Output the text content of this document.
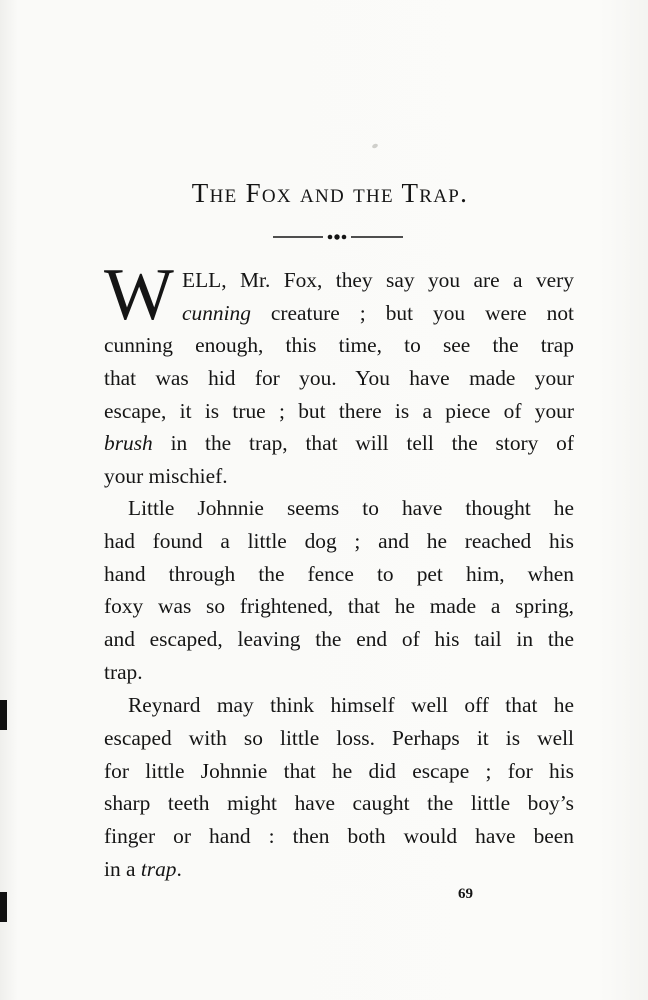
The Fox and the Trap.
W ELL, Mr. Fox, they say you are a very
cunning creature ; but you were not
cunning enough, this time, to see the trap
that was hid for you. You have made your
escape, it is true ; but there is a piece of your
brush in the trap, that will tell the story of
your mischief.
Little Johnnie seems to have thought he
had found a little dog ; and he reached his
hand through the fence to pet him, when
foxy was so frightened, that he made a spring,
and escaped, leaving the end of his tail in the
trap.
Reynard may think himself well off that he
escaped with so little loss. Perhaps it is well
for little Johnnie that he did escape ; for his
sharp teeth might have caught the little boy’s
finger or hand : then both would have been
in a trap.
69
